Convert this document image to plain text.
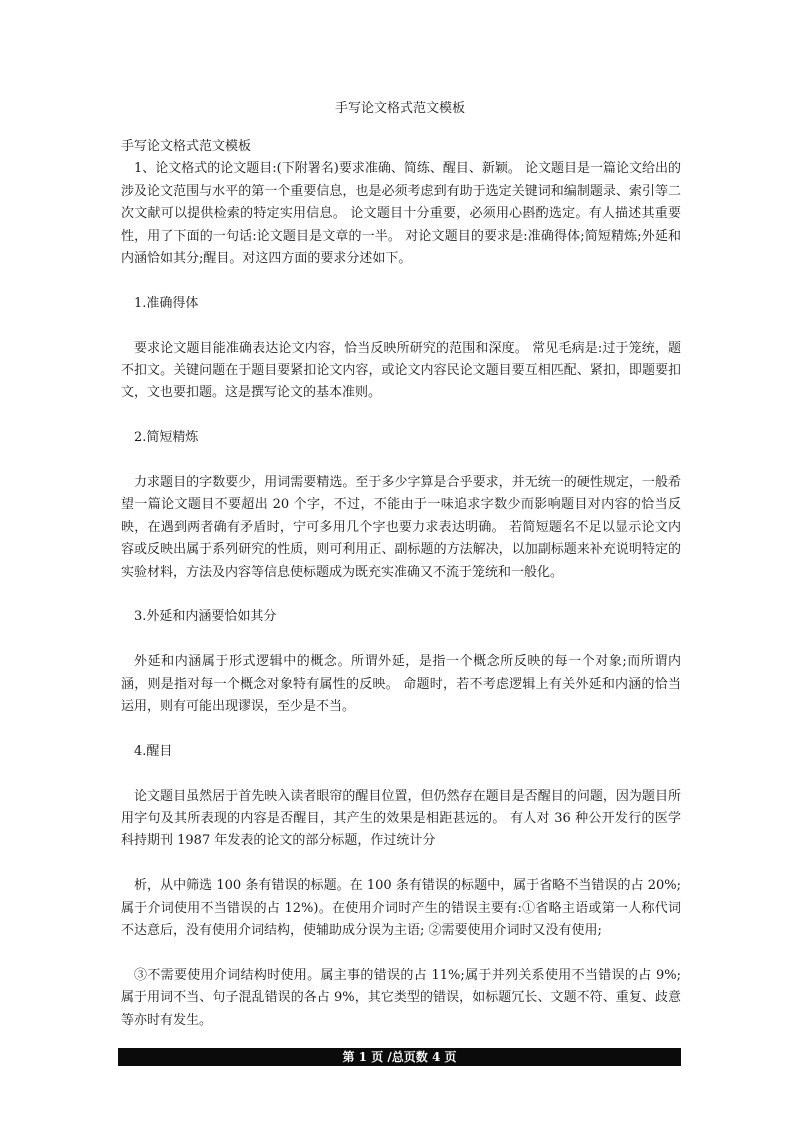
手写论文格式范文模板

手写论文格式范文模板

1、论文格式的论文题目:(下附署名)要求准确、简练、醒目、新颖。 论文题目是一篇论文给出的涉及论文范围与水平的第一个重要信息，也是必须考虑到有助于选定关键词和编制题录、索引等二次文献可以提供检索的特定实用信息。 论文题目十分重要，必须用心斟酌选定。有人描述其重要性，用了下面的一句话:论文题目是文章的一半。 对论文题目的要求是:准确得体;简短精炼;外延和内涵恰如其分;醒目。对这四方面的要求分述如下。

1.准确得体

要求论文题目能准确表达论文内容，恰当反映所研究的范围和深度。 常见毛病是:过于笼统，题不扣文。关键问题在于题目要紧扣论文内容，或论文内容民论文题目要互相匹配、紧扣，即题要扣文，文也要扣题。这是撰写论文的基本准则。

2.简短精炼

力求题目的字数要少，用词需要精选。至于多少字算是合乎要求，并无统一的硬性规定，一般希望一篇论文题目不要超出 20 个字，不过，不能由于一味追求字数少而影响题目对内容的恰当反映，在遇到两者确有矛盾时，宁可多用几个字也要力求表达明确。 若简短题名不足以显示论文内容或反映出属于系列研究的性质，则可利用正、副标题的方法解决，以加副标题来补充说明特定的实验材料，方法及内容等信息使标题成为既充实准确又不流于笼统和一般化。

3.外延和内涵要恰如其分

外延和内涵属于形式逻辑中的概念。所谓外延，是指一个概念所反映的每一个对象;而所谓内涵，则是指对每一个概念对象特有属性的反映。 命题时，若不考虑逻辑上有关外延和内涵的恰当运用，则有可能出现谬误，至少是不当。

4.醒目

论文题目虽然居于首先映入读者眼帘的醒目位置，但仍然存在题目是否醒目的问题，因为题目所用字句及其所表现的内容是否醒目，其产生的效果是相距甚远的。 有人对 36 种公开发行的医学科持期刊 1987 年发表的论文的部分标题，作过统计分

析，从中筛选 100 条有错误的标题。在 100 条有错误的标题中，属于省略不当错误的占 20%;属于介词使用不当错误的占 12%)。在使用介词时产生的错误主要有:①省略主语或第一人称代词不达意后，没有使用介词结构，使辅助成分误为主语; ②需要使用介词时又没有使用;

③不需要使用介词结构时使用。属主事的错误的占 11%;属于并列关系使用不当错误的占 9%;属于用词不当、句子混乱错误的各占 9%，其它类型的错误，如标题冗长、文题不符、重复、歧意等亦时有发生。

第 1 页 /总页数 4 页
